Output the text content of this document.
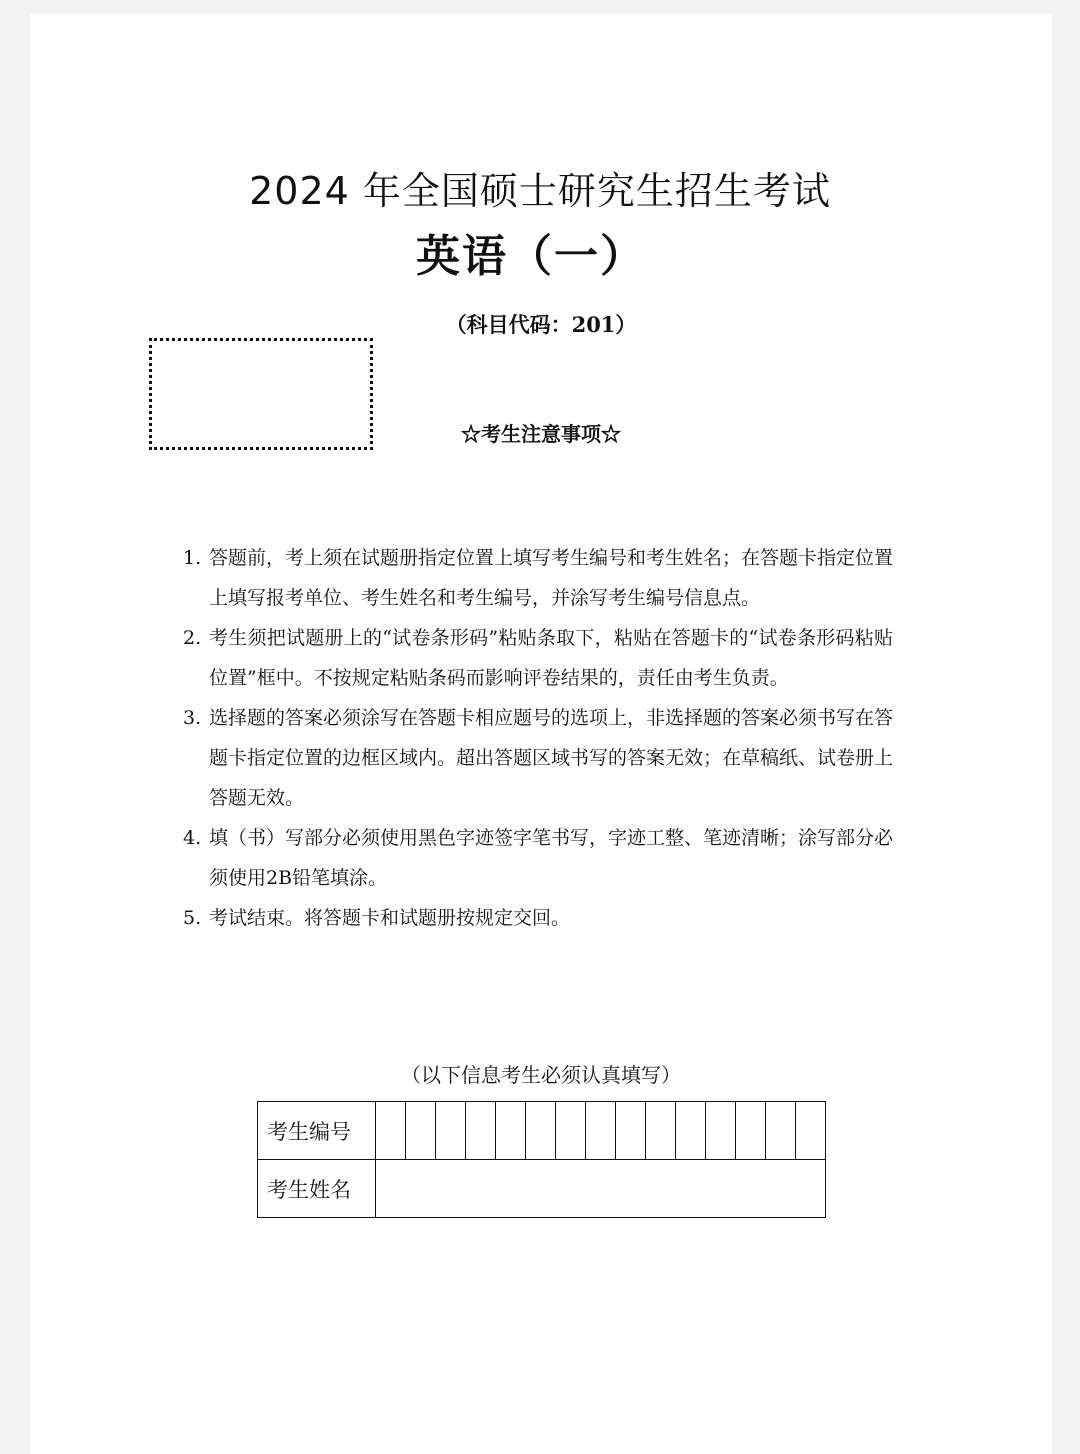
2024 年全国硕士研究生招生考试
英语（一）
（科目代码：201）
☆考生注意事项☆
1. 答题前，考上须在试题册指定位置上填写考生编号和考生姓名；在答题卡指定位置上填写报考单位、考生姓名和考生编号，并涂写考生编号信息点。
2. 考生须把试题册上的“试卷条形码”粘贴条取下，粘贴在答题卡的“试卷条形码粘贴位置”框中。不按规定粘贴条码而影响评卷结果的，责任由考生负责。
3. 选择题的答案必须涂写在答题卡相应题号的选项上，非选择题的答案必须书写在答题卡指定位置的边框区域内。超出答题区域书写的答案无效；在草稿纸、试卷册上答题无效。
4. 填（书）写部分必须使用黑色字迹签字笔书写，字迹工整、笔迹清晰；涂写部分必须使用2B铅笔填涂。
5. 考试结束。将答题卡和试题册按规定交回。
（以下信息考生必须认真填写）
考生编号															
考生姓名															
